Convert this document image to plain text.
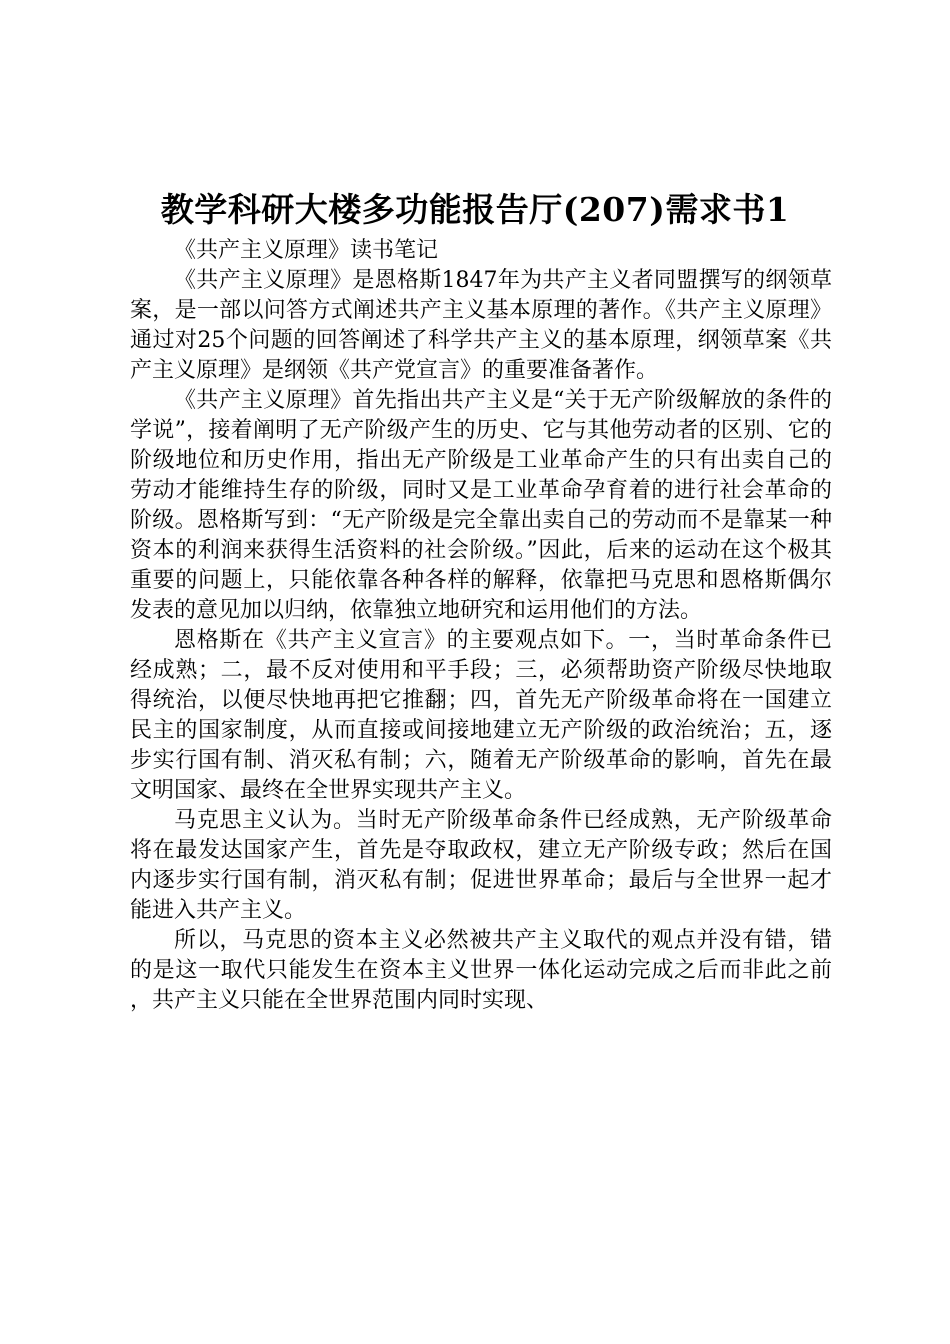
教学科研大楼多功能报告厅(207)需求书1

《共产主义原理》读书笔记

《共产主义原理》是恩格斯1847年为共产主义者同盟撰写的纲领草案，是一部以问答方式阐述共产主义基本原理的著作。《共产主义原理》通过对25个问题的回答阐述了科学共产主义的基本原理，纲领草案《共产主义原理》是纲领《共产党宣言》的重要准备著作。

《共产主义原理》首先指出共产主义是“关于无产阶级解放的条件的学说”，接着阐明了无产阶级产生的历史、它与其他劳动者的区别、它的阶级地位和历史作用，指出无产阶级是工业革命产生的只有出卖自己的劳动才能维持生存的阶级，同时又是工业革命孕育着的进行社会革命的阶级。恩格斯写到：“无产阶级是完全靠出卖自己的劳动而不是靠某一种资本的利润来获得生活资料的社会阶级。”因此，后来的运动在这个极其重要的问题上，只能依靠各种各样的解释，依靠把马克思和恩格斯偶尔发表的意见加以归纳，依靠独立地研究和运用他们的方法。

恩格斯在《共产主义宣言》的主要观点如下。一，当时革命条件已经成熟；二，最不反对使用和平手段；三，必须帮助资产阶级尽快地取得统治，以便尽快地再把它推翻；四，首先无产阶级革命将在一国建立民主的国家制度，从而直接或间接地建立无产阶级的政治统治；五，逐步实行国有制、消灭私有制；六，随着无产阶级革命的影响，首先在最文明国家、最终在全世界实现共产主义。

马克思主义认为。当时无产阶级革命条件已经成熟，无产阶级革命将在最发达国家产生，首先是夺取政权，建立无产阶级专政；然后在国内逐步实行国有制，消灭私有制；促进世界革命；最后与全世界一起才能进入共产主义。

所以，马克思的资本主义必然被共产主义取代的观点并没有错，错的是这一取代只能发生在资本主义世界一体化运动完成之后而非此之前，共产主义只能在全世界范围内同时实现、
